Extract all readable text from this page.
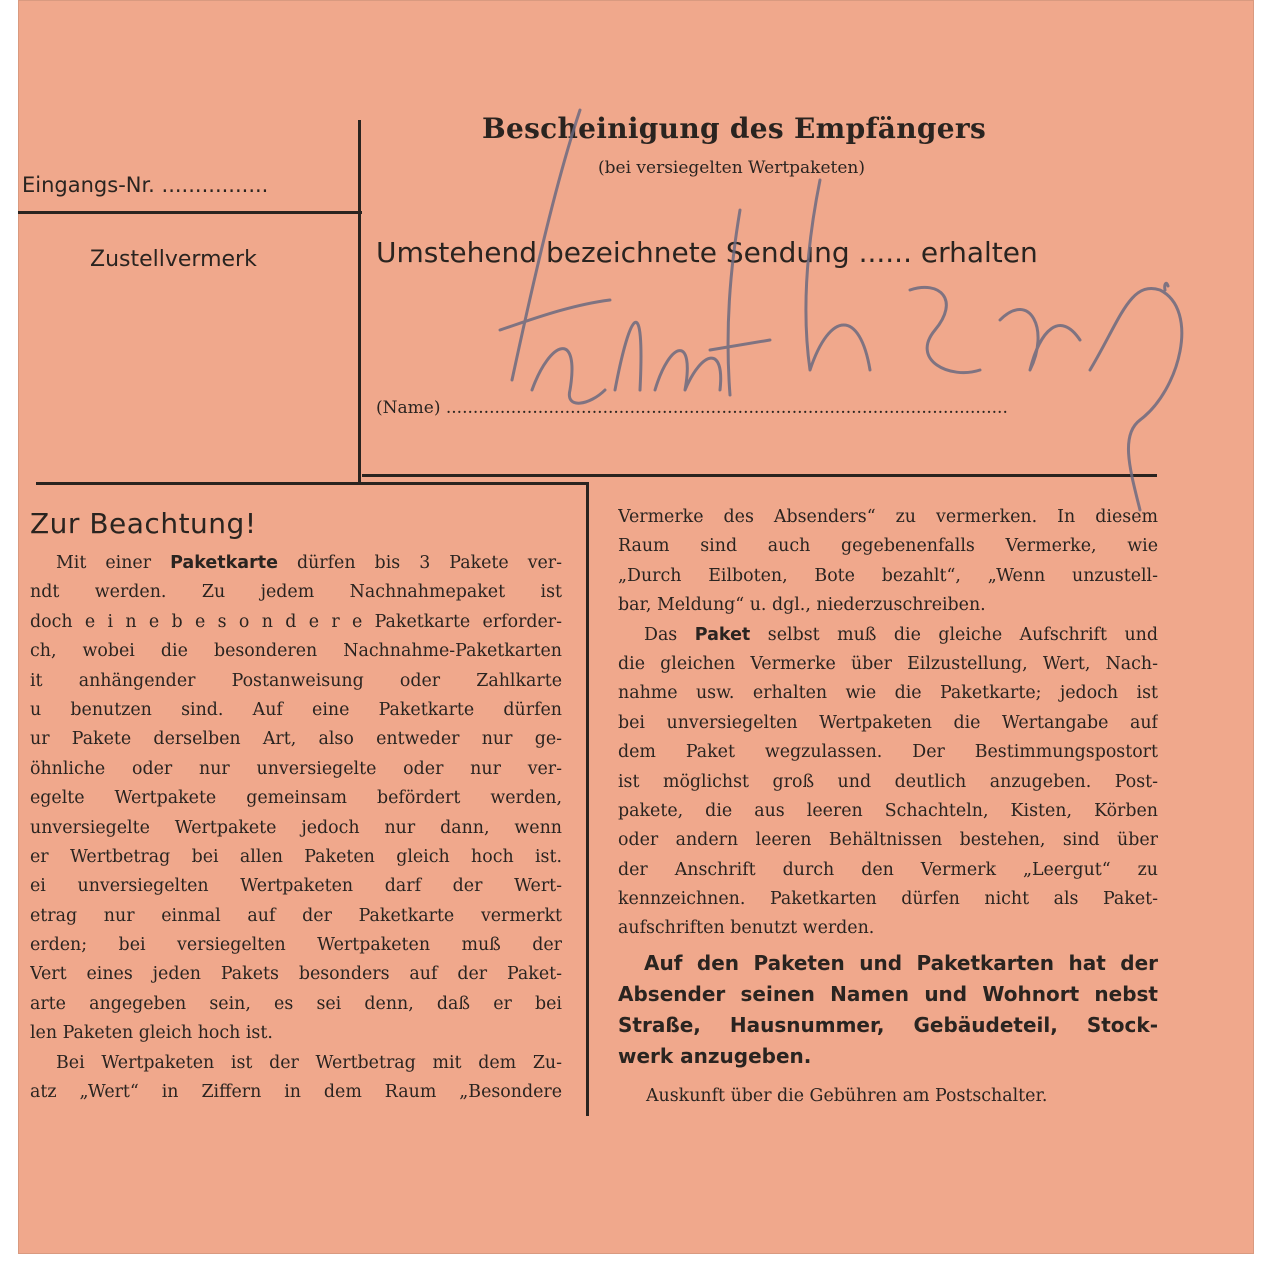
Eingangs-Nr. ................
Zustellvermerk
Bescheinigung des Empfängers
(bei versiegelten Wertpaketen)
Umstehend bezeichnete Sendung ...... erhalten
(Name) ........................................................................................................
Zur Beachtung!
Mit einer Paketkarte dürfen bis 3 Pakete ver-
ndt werden. Zu jedem Nachnahmepaket ist
doch e i n e b e s o n d e r e Paketkarte erforder-
ch, wobei die besonderen Nachnahme-Paketkarten
it anhängender Postanweisung oder Zahlkarte
u benutzen sind. Auf eine Paketkarte dürfen
ur Pakete derselben Art, also entweder nur ge-
öhnliche oder nur unversiegelte oder nur ver-
egelte Wertpakete gemeinsam befördert werden,
unversiegelte Wertpakete jedoch nur dann, wenn
er Wertbetrag bei allen Paketen gleich hoch ist.
ei unversiegelten Wertpaketen darf der Wert-
etrag nur einmal auf der Paketkarte vermerkt
erden; bei versiegelten Wertpaketen muß der
Vert eines jeden Pakets besonders auf der Paket-
arte angegeben sein, es sei denn, daß er bei
len Paketen gleich hoch ist.
Bei Wertpaketen ist der Wertbetrag mit dem Zu-
atz „Wert“ in Ziffern in dem Raum „Besondere
Vermerke des Absenders“ zu vermerken. In diesem
Raum sind auch gegebenenfalls Vermerke, wie
„Durch Eilboten, Bote bezahlt“, „Wenn unzustell-
bar, Meldung“ u. dgl., niederzuschreiben.
Das Paket selbst muß die gleiche Aufschrift und
die gleichen Vermerke über Eilzustellung, Wert, Nach-
nahme usw. erhalten wie die Paketkarte; jedoch ist
bei unversiegelten Wertpaketen die Wertangabe auf
dem Paket wegzulassen. Der Bestimmungspostort
ist möglichst groß und deutlich anzugeben. Post-
pakete, die aus leeren Schachteln, Kisten, Körben
oder andern leeren Behältnissen bestehen, sind über
der Anschrift durch den Vermerk „Leergut“ zu
kennzeichnen. Paketkarten dürfen nicht als Paket-
aufschriften benutzt werden.
Auf den Paketen und Paketkarten hat der
Absender seinen Namen und Wohnort nebst
Straße, Hausnummer, Gebäudeteil, Stock-
werk anzugeben.
Auskunft über die Gebühren am Postschalter.
